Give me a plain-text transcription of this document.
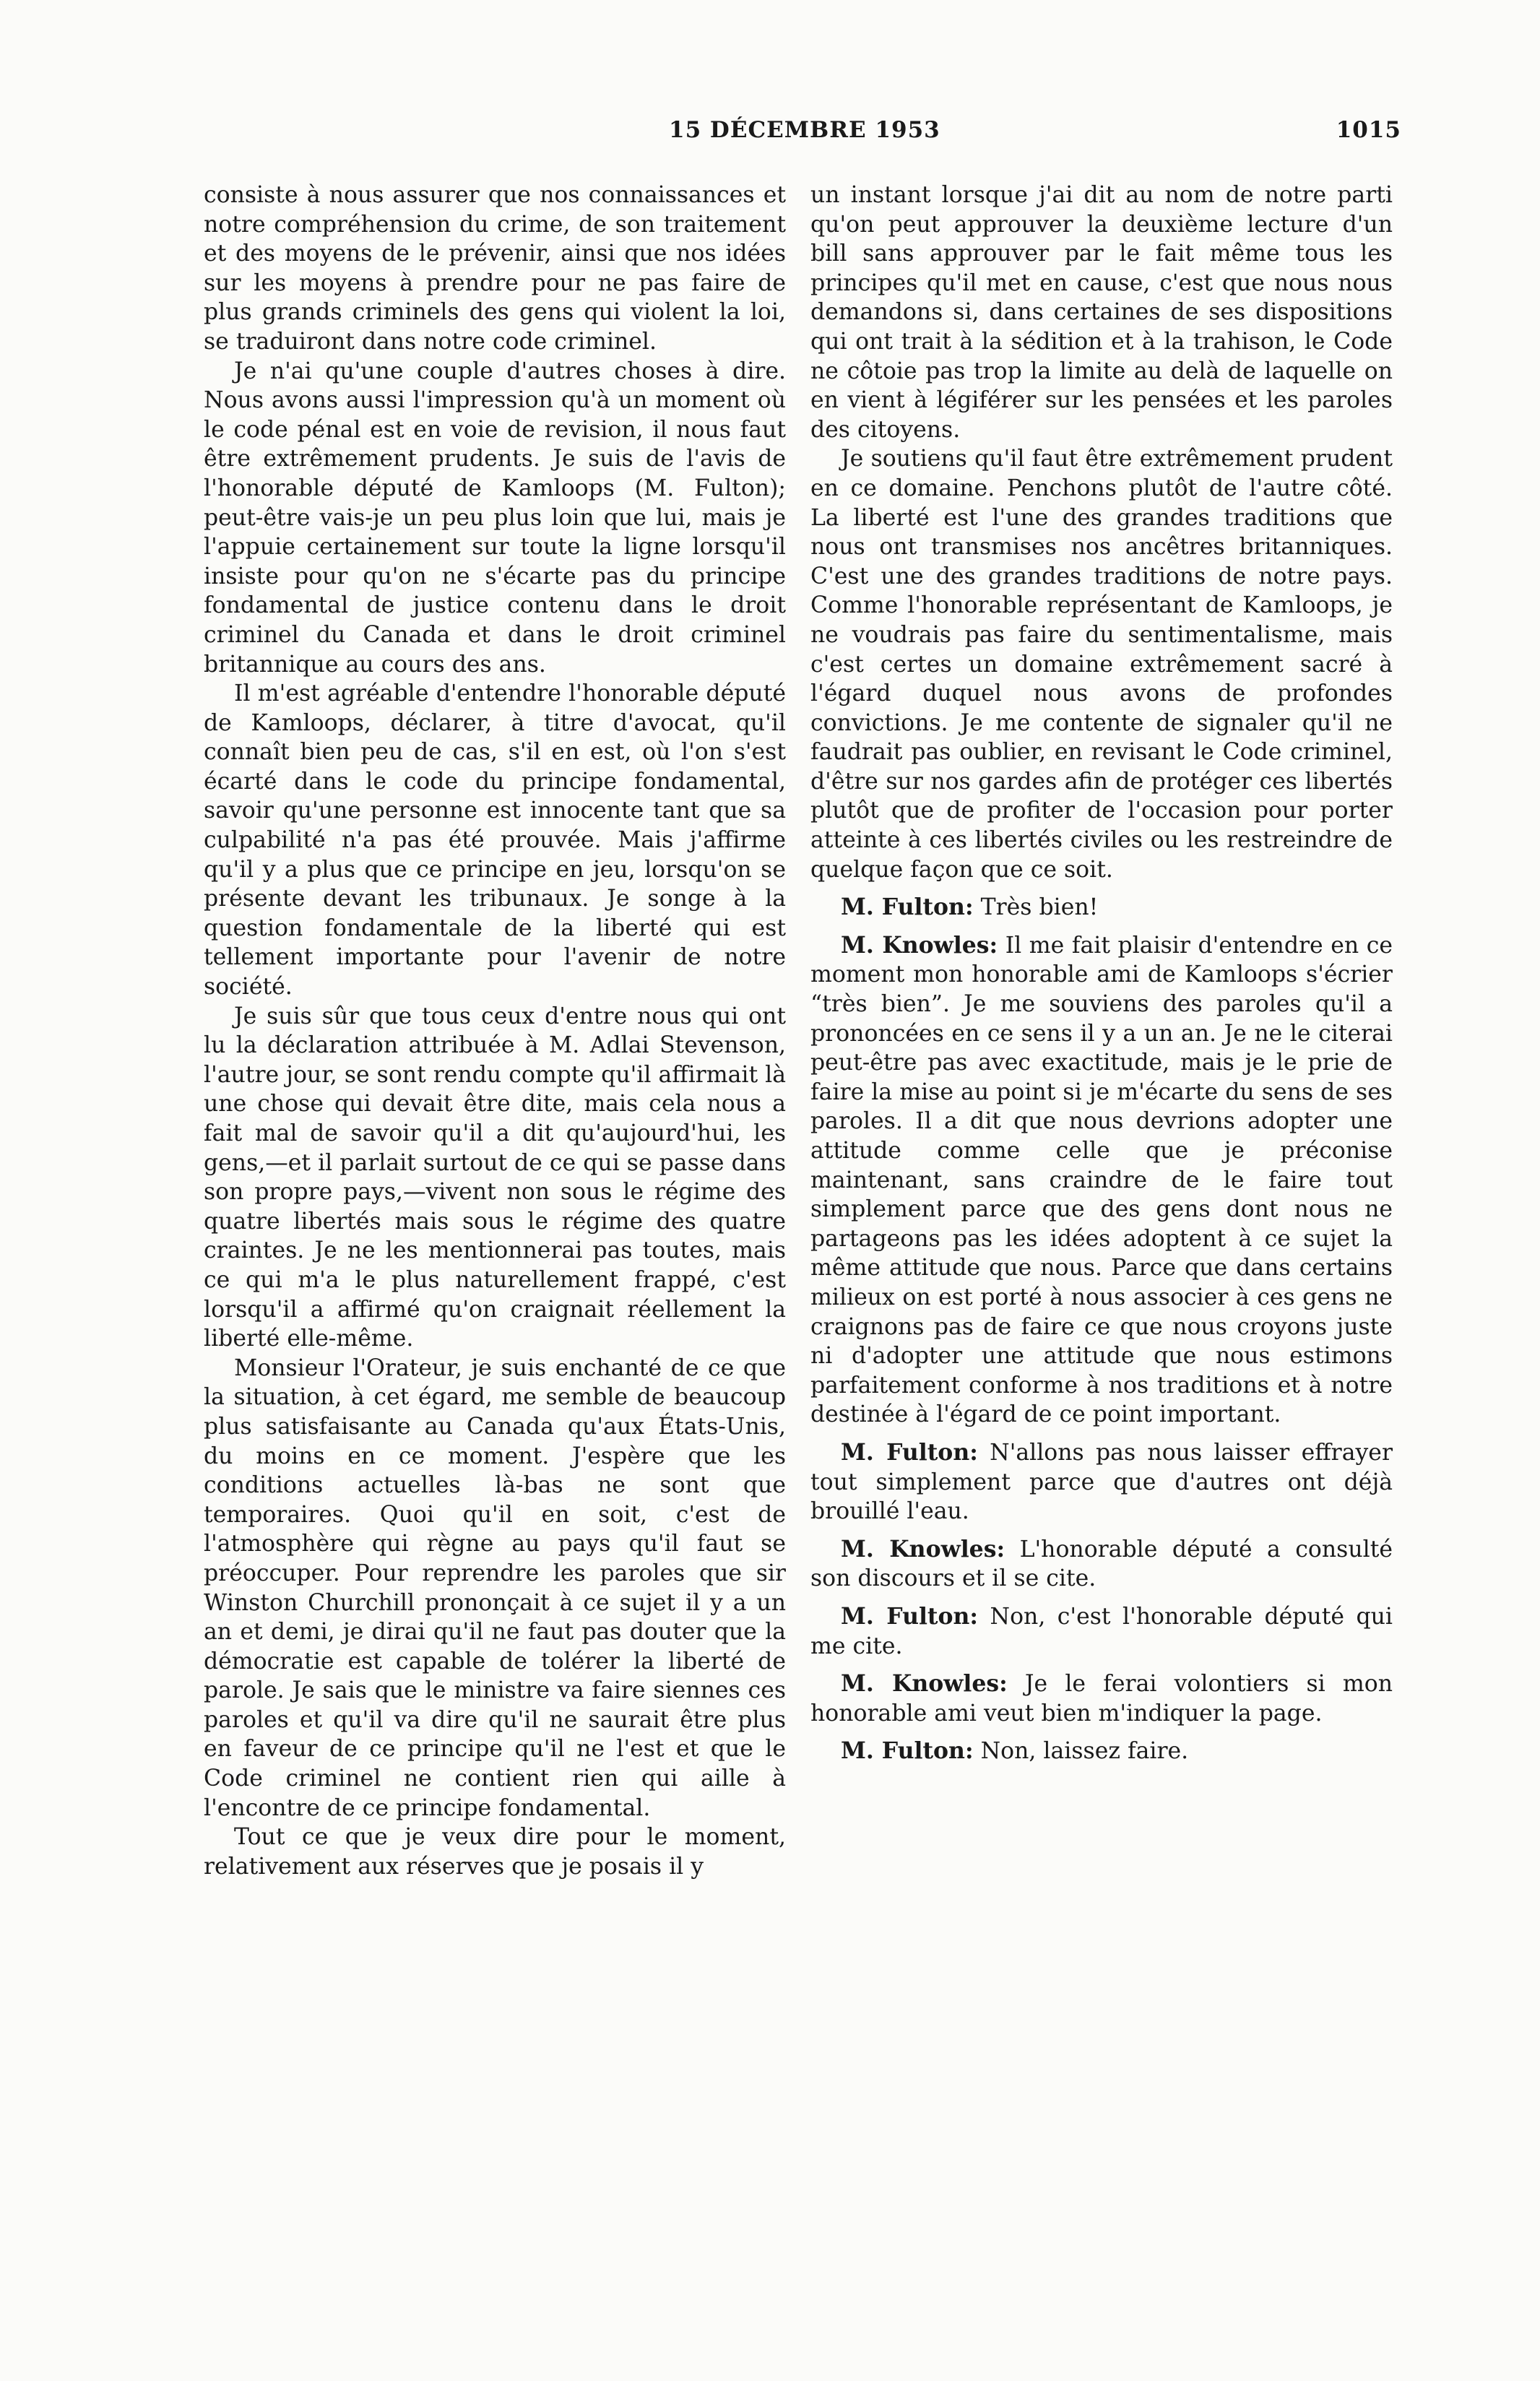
15 DÉCEMBRE 1953	1015

consiste à nous assurer que nos connaissances et notre compréhension du crime, de son traitement et des moyens de le prévenir, ainsi que nos idées sur les moyens à prendre pour ne pas faire de plus grands criminels des gens qui violent la loi, se traduiront dans notre code criminel.

Je n'ai qu'une couple d'autres choses à dire. Nous avons aussi l'impression qu'à un moment où le code pénal est en voie de revision, il nous faut être extrêmement prudents. Je suis de l'avis de l'honorable député de Kamloops (M. Fulton); peut-être vais-je un peu plus loin que lui, mais je l'appuie certainement sur toute la ligne lorsqu'il insiste pour qu'on ne s'écarte pas du principe fondamental de justice contenu dans le droit criminel du Canada et dans le droit criminel britannique au cours des ans.

Il m'est agréable d'entendre l'honorable député de Kamloops, déclarer, à titre d'avocat, qu'il connaît bien peu de cas, s'il en est, où l'on s'est écarté dans le code du principe fondamental, savoir qu'une personne est innocente tant que sa culpabilité n'a pas été prouvée. Mais j'affirme qu'il y a plus que ce principe en jeu, lorsqu'on se présente devant les tribunaux. Je songe à la question fondamentale de la liberté qui est tellement importante pour l'avenir de notre société.

Je suis sûr que tous ceux d'entre nous qui ont lu la déclaration attribuée à M. Adlai Stevenson, l'autre jour, se sont rendu compte qu'il affirmait là une chose qui devait être dite, mais cela nous a fait mal de savoir qu'il a dit qu'aujourd'hui, les gens,—et il parlait surtout de ce qui se passe dans son propre pays,—vivent non sous le régime des quatre libertés mais sous le régime des quatre craintes. Je ne les mentionnerai pas toutes, mais ce qui m'a le plus naturellement frappé, c'est lorsqu'il a affirmé qu'on craignait réellement la liberté elle-même.

Monsieur l'Orateur, je suis enchanté de ce que la situation, à cet égard, me semble de beaucoup plus satisfaisante au Canada qu'aux États-Unis, du moins en ce moment. J'espère que les conditions actuelles là-bas ne sont que temporaires. Quoi qu'il en soit, c'est de l'atmosphère qui règne au pays qu'il faut se préoccuper. Pour reprendre les paroles que sir Winston Churchill prononçait à ce sujet il y a un an et demi, je dirai qu'il ne faut pas douter que la démocratie est capable de tolérer la liberté de parole. Je sais que le ministre va faire siennes ces paroles et qu'il va dire qu'il ne saurait être plus en faveur de ce principe qu'il ne l'est et que le Code criminel ne contient rien qui aille à l'encontre de ce principe fondamental.

Tout ce que je veux dire pour le moment, relativement aux réserves que je posais il y

un instant lorsque j'ai dit au nom de notre parti qu'on peut approuver la deuxième lecture d'un bill sans approuver par le fait même tous les principes qu'il met en cause, c'est que nous nous demandons si, dans certaines de ses dispositions qui ont trait à la sédition et à la trahison, le Code ne côtoie pas trop la limite au delà de laquelle on en vient à légiférer sur les pensées et les paroles des citoyens.

Je soutiens qu'il faut être extrêmement prudent en ce domaine. Penchons plutôt de l'autre côté. La liberté est l'une des grandes traditions que nous ont transmises nos ancêtres britanniques. C'est une des grandes traditions de notre pays. Comme l'honorable représentant de Kamloops, je ne voudrais pas faire du sentimentalisme, mais c'est certes un domaine extrêmement sacré à l'égard duquel nous avons de profondes convictions. Je me contente de signaler qu'il ne faudrait pas oublier, en revisant le Code criminel, d'être sur nos gardes afin de protéger ces libertés plutôt que de profiter de l'occasion pour porter atteinte à ces libertés civiles ou les restreindre de quelque façon que ce soit.

M. Fulton: Très bien!

M. Knowles: Il me fait plaisir d'entendre en ce moment mon honorable ami de Kamloops s'écrier “très bien”. Je me souviens des paroles qu'il a prononcées en ce sens il y a un an. Je ne le citerai peut-être pas avec exactitude, mais je le prie de faire la mise au point si je m'écarte du sens de ses paroles. Il a dit que nous devrions adopter une attitude comme celle que je préconise maintenant, sans craindre de le faire tout simplement parce que des gens dont nous ne partageons pas les idées adoptent à ce sujet la même attitude que nous. Parce que dans certains milieux on est porté à nous associer à ces gens ne craignons pas de faire ce que nous croyons juste ni d'adopter une attitude que nous estimons parfaitement conforme à nos traditions et à notre destinée à l'égard de ce point important.

M. Fulton: N'allons pas nous laisser effrayer tout simplement parce que d'autres ont déjà brouillé l'eau.

M. Knowles: L'honorable député a consulté son discours et il se cite.

M. Fulton: Non, c'est l'honorable député qui me cite.

M. Knowles: Je le ferai volontiers si mon honorable ami veut bien m'indiquer la page.

M. Fulton: Non, laissez faire.
